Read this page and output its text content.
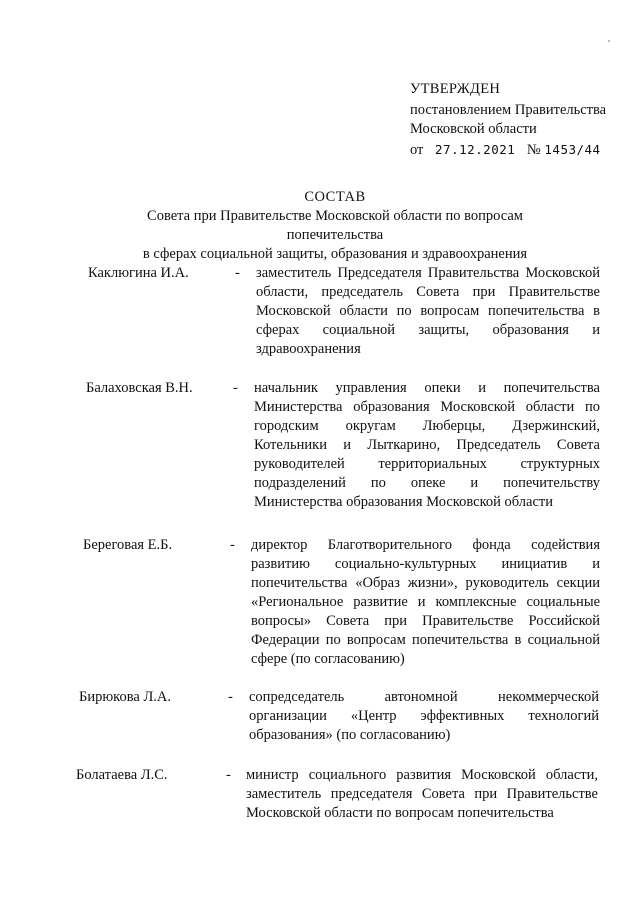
УТВЕРЖДЕН
постановлением Правительства
Московской области
от 27.12.2021 № 1453/44
СОСТАВ
Совета при Правительстве Московской области по вопросам попечительства
в сферах социальной защиты, образования и здравоохранения
Каклюгина И.А.	- заместитель Председателя Правительства Московской области, председатель Совета при Правительстве Московской области по вопросам попечительства в сферах социальной защиты, образования и здравоохранения
Балаховская В.Н.	- начальник управления опеки и попечительства Министерства образования Московской области по городским округам Люберцы, Дзержинский, Котельники и Лыткарино, Председатель Совета руководителей территориальных структурных подразделений по опеке и попечительству Министерства образования Московской области
Береговая Е.Б.	- директор Благотворительного фонда содействия развитию социально-культурных инициатив и попечительства «Образ жизни», руководитель секции «Региональное развитие и комплексные социальные вопросы» Совета при Правительстве Российской Федерации по вопросам попечительства в социальной сфере (по согласованию)
Бирюкова Л.А.	- сопредседатель автономной некоммерческой организации «Центр эффективных технологий образования» (по согласованию)
Болатаева Л.С.	- министр социального развития Московской области, заместитель председателя Совета при Правительстве Московской области по вопросам попечительства
